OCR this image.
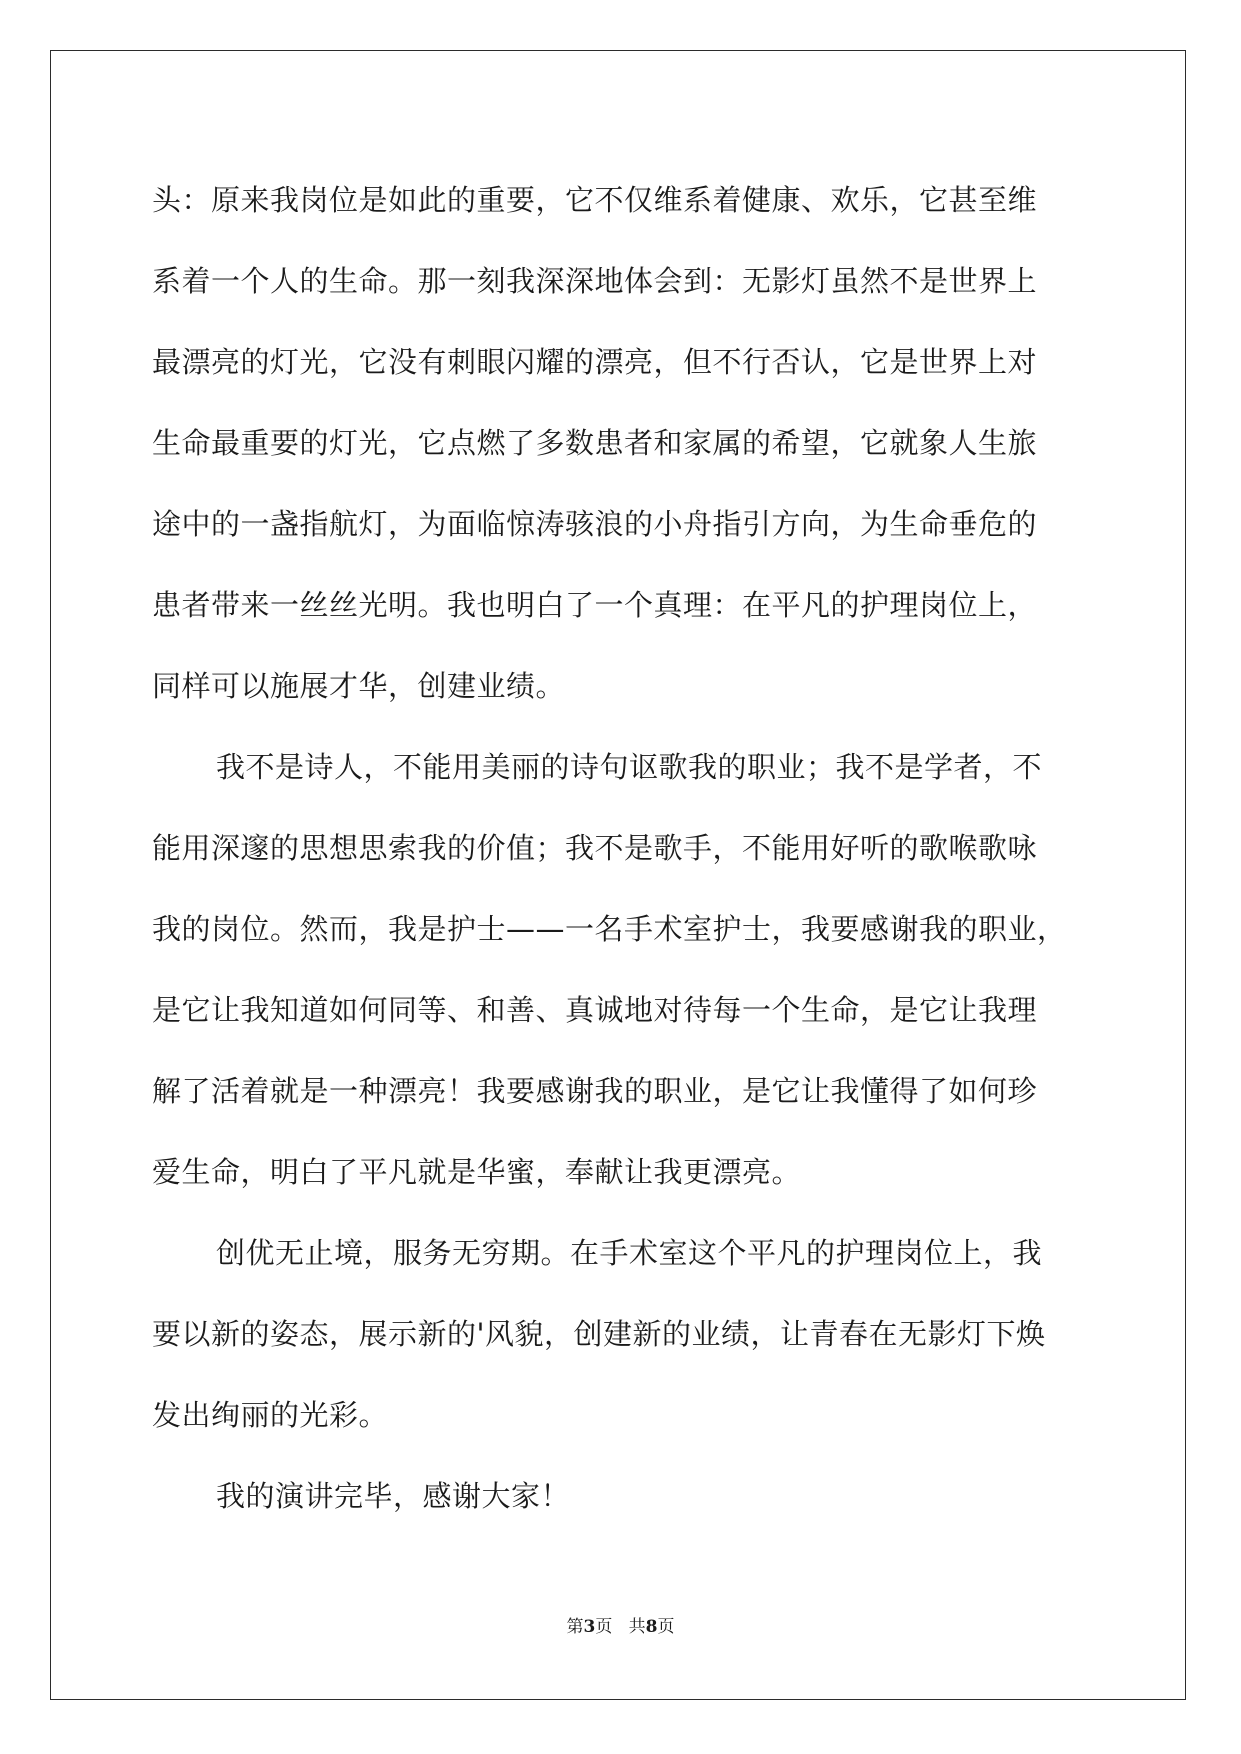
头：原来我岗位是如此的重要，它不仅维系着健康、欢乐，它甚至维
系着一个人的生命。那一刻我深深地体会到：无影灯虽然不是世界上
最漂亮的灯光，它没有刺眼闪耀的漂亮，但不行否认，它是世界上对
生命最重要的灯光，它点燃了多数患者和家属的希望，它就象人生旅
途中的一盏指航灯，为面临惊涛骇浪的小舟指引方向，为生命垂危的
患者带来一丝丝光明。我也明白了一个真理：在平凡的护理岗位上，
同样可以施展才华，创建业绩。
我不是诗人，不能用美丽的诗句讴歌我的职业；我不是学者，不
能用深邃的思想思索我的价值；我不是歌手，不能用好听的歌喉歌咏
我的岗位。然而，我是护士——一名手术室护士，我要感谢我的职业，
是它让我知道如何同等、和善、真诚地对待每一个生命，是它让我理
解了活着就是一种漂亮！我要感谢我的职业，是它让我懂得了如何珍
爱生命，明白了平凡就是华蜜，奉献让我更漂亮。
创优无止境，服务无穷期。在手术室这个平凡的护理岗位上，我
要以新的姿态，展示新的'风貌，创建新的业绩，让青春在无影灯下焕
发出绚丽的光彩。
我的演讲完毕，感谢大家！
第3页 共8页
